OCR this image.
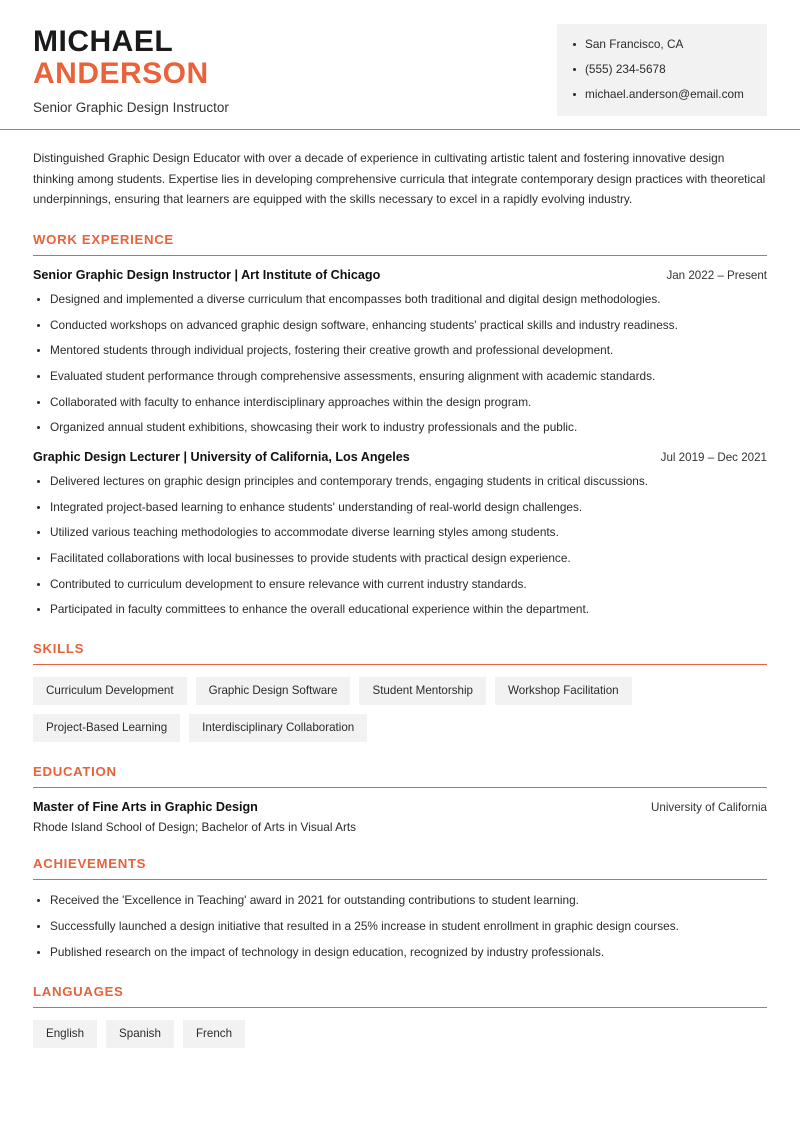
MICHAEL
ANDERSON
Senior Graphic Design Instructor
San Francisco, CA
(555) 234-5678
michael.anderson@email.com
Distinguished Graphic Design Educator with over a decade of experience in cultivating artistic talent and fostering innovative design thinking among students. Expertise lies in developing comprehensive curricula that integrate contemporary design practices with theoretical underpinnings, ensuring that learners are equipped with the skills necessary to excel in a rapidly evolving industry.
WORK EXPERIENCE
Senior Graphic Design Instructor | Art Institute of Chicago	Jan 2022 – Present
Designed and implemented a diverse curriculum that encompasses both traditional and digital design methodologies.
Conducted workshops on advanced graphic design software, enhancing students' practical skills and industry readiness.
Mentored students through individual projects, fostering their creative growth and professional development.
Evaluated student performance through comprehensive assessments, ensuring alignment with academic standards.
Collaborated with faculty to enhance interdisciplinary approaches within the design program.
Organized annual student exhibitions, showcasing their work to industry professionals and the public.
Graphic Design Lecturer | University of California, Los Angeles	Jul 2019 – Dec 2021
Delivered lectures on graphic design principles and contemporary trends, engaging students in critical discussions.
Integrated project-based learning to enhance students' understanding of real-world design challenges.
Utilized various teaching methodologies to accommodate diverse learning styles among students.
Facilitated collaborations with local businesses to provide students with practical design experience.
Contributed to curriculum development to ensure relevance with current industry standards.
Participated in faculty committees to enhance the overall educational experience within the department.
SKILLS
Curriculum Development	Graphic Design Software	Student Mentorship	Workshop Facilitation
Project-Based Learning	Interdisciplinary Collaboration
EDUCATION
Master of Fine Arts in Graphic Design	University of California
Rhode Island School of Design; Bachelor of Arts in Visual Arts
ACHIEVEMENTS
Received the 'Excellence in Teaching' award in 2021 for outstanding contributions to student learning.
Successfully launched a design initiative that resulted in a 25% increase in student enrollment in graphic design courses.
Published research on the impact of technology in design education, recognized by industry professionals.
LANGUAGES
English	Spanish	French
